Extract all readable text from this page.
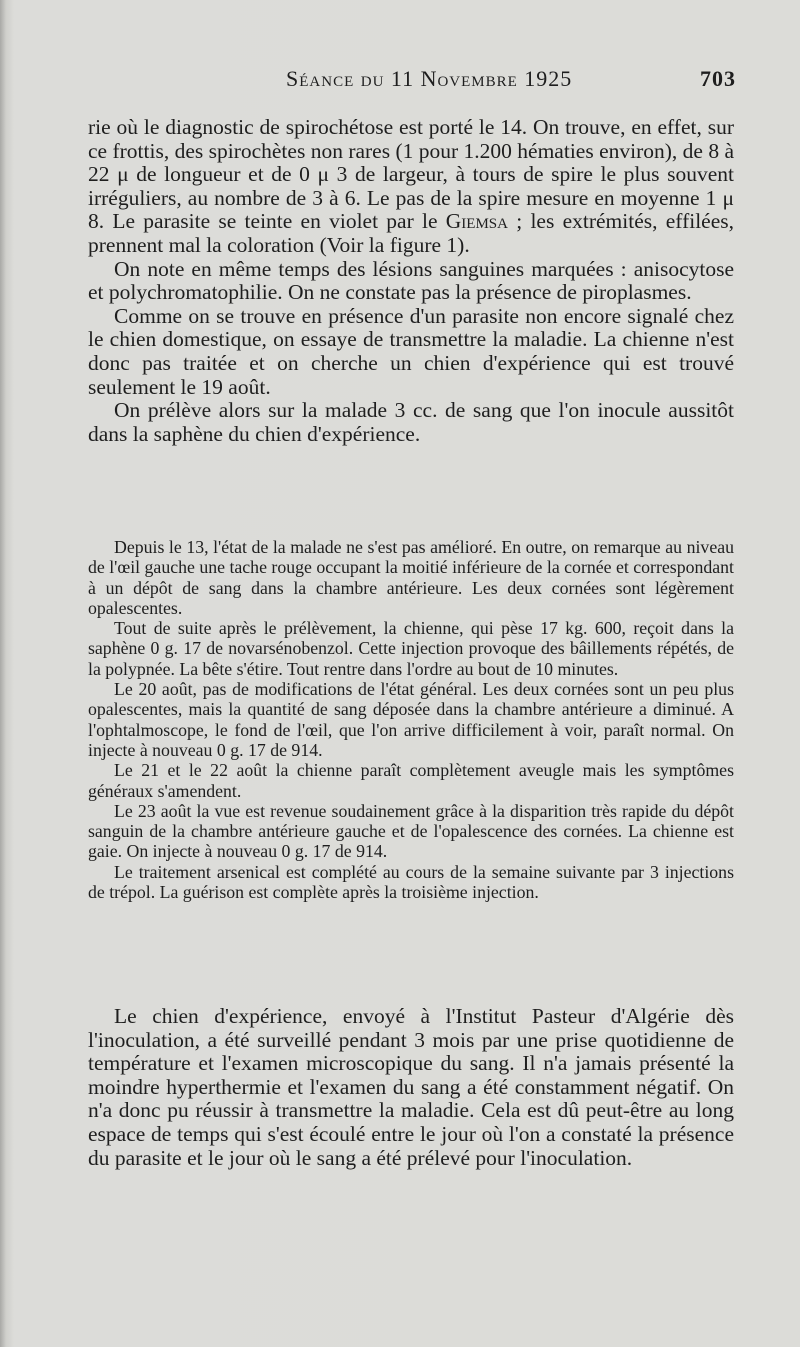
Séance du 11 Novembre 1925	703

rie où le diagnostic de spirochétose est porté le 14. On trouve, en effet, sur ce frottis, des spirochètes non rares (1 pour 1.200 hématies environ), de 8 à 22 μ de longueur et de 0 μ 3 de largeur, à tours de spire le plus souvent irréguliers, au nombre de 3 à 6. Le pas de la spire mesure en moyenne 1 μ 8. Le parasite se teinte en violet par le Giemsa ; les extrémités, effilées, prennent mal la coloration (Voir la figure 1).

On note en même temps des lésions sanguines marquées : anisocytose et polychromatophilie. On ne constate pas la présence de piroplasmes.

Comme on se trouve en présence d'un parasite non encore signalé chez le chien domestique, on essaye de transmettre la maladie. La chienne n'est donc pas traitée et on cherche un chien d'expérience qui est trouvé seulement le 19 août.

On prélève alors sur la malade 3 cc. de sang que l'on inocule aussitôt dans la saphène du chien d'expérience.

Depuis le 13, l'état de la malade ne s'est pas amélioré. En outre, on remarque au niveau de l'œil gauche une tache rouge occupant la moitié inférieure de la cornée et correspondant à un dépôt de sang dans la chambre antérieure. Les deux cornées sont légèrement opalescentes.

Tout de suite après le prélèvement, la chienne, qui pèse 17 kg. 600, reçoit dans la saphène 0 g. 17 de novarsénobenzol. Cette injection provoque des bâillements répétés, de la polypnée. La bête s'étire. Tout rentre dans l'ordre au bout de 10 minutes.

Le 20 août, pas de modifications de l'état général. Les deux cornées sont un peu plus opalescentes, mais la quantité de sang déposée dans la chambre antérieure a diminué. A l'ophtalmoscope, le fond de l'œil, que l'on arrive difficilement à voir, paraît normal. On injecte à nouveau 0 g. 17 de 914.

Le 21 et le 22 août la chienne paraît complètement aveugle mais les symptômes généraux s'amendent.

Le 23 août la vue est revenue soudainement grâce à la disparition très rapide du dépôt sanguin de la chambre antérieure gauche et de l'opalescence des cornées. La chienne est gaie. On injecte à nouveau 0 g. 17 de 914.

Le traitement arsenical est complété au cours de la semaine suivante par 3 injections de trépol. La guérison est complète après la troisième injection.

Le chien d'expérience, envoyé à l'Institut Pasteur d'Algérie dès l'inoculation, a été surveillé pendant 3 mois par une prise quotidienne de température et l'examen microscopique du sang. Il n'a jamais présenté la moindre hyperthermie et l'examen du sang a été constamment négatif. On n'a donc pu réussir à transmettre la maladie. Cela est dû peut-être au long espace de temps qui s'est écoulé entre le jour où l'on a constaté la présence du parasite et le jour où le sang a été prélevé pour l'inoculation.
